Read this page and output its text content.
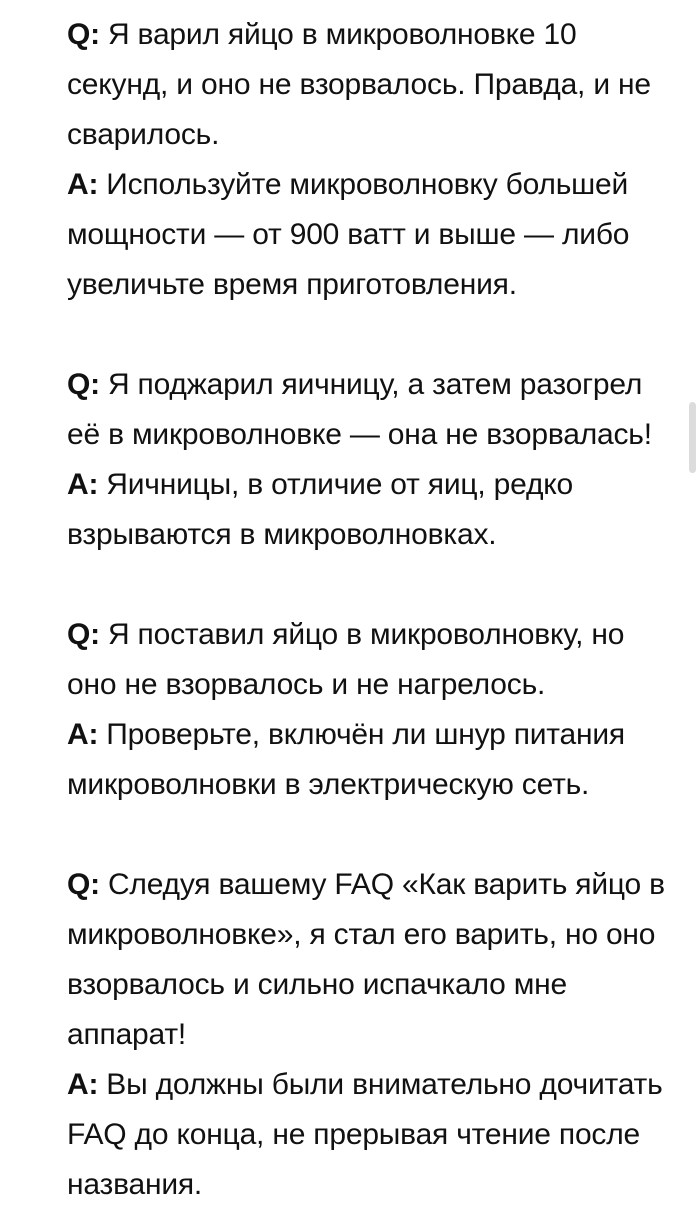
Q: Я варил яйцо в микроволновке 10
секунд, и оно не взорвалось. Правда, и не
сварилось.
А: Используйте микроволновку большей
мощности — от 900 ватт и выше — либо
увеличьте время приготовления.
Q: Я поджарил яичницу, а затем разогрел
её в микроволновке — она не взорвалась!
А: Яичницы, в отличие от яиц, редко
взрываются в микроволновках.
Q: Я поставил яйцо в микроволновку, но
оно не взорвалось и не нагрелось.
А: Проверьте, включён ли шнур питания
микроволновки в электрическую сеть.
Q: Следуя вашему FAQ «Как варить яйцо в
микроволновке», я стал его варить, но оно
взорвалось и сильно испачкало мне
аппарат!
А: Вы должны были внимательно дочитать
FAQ до конца, не прерывая чтение после
названия.
